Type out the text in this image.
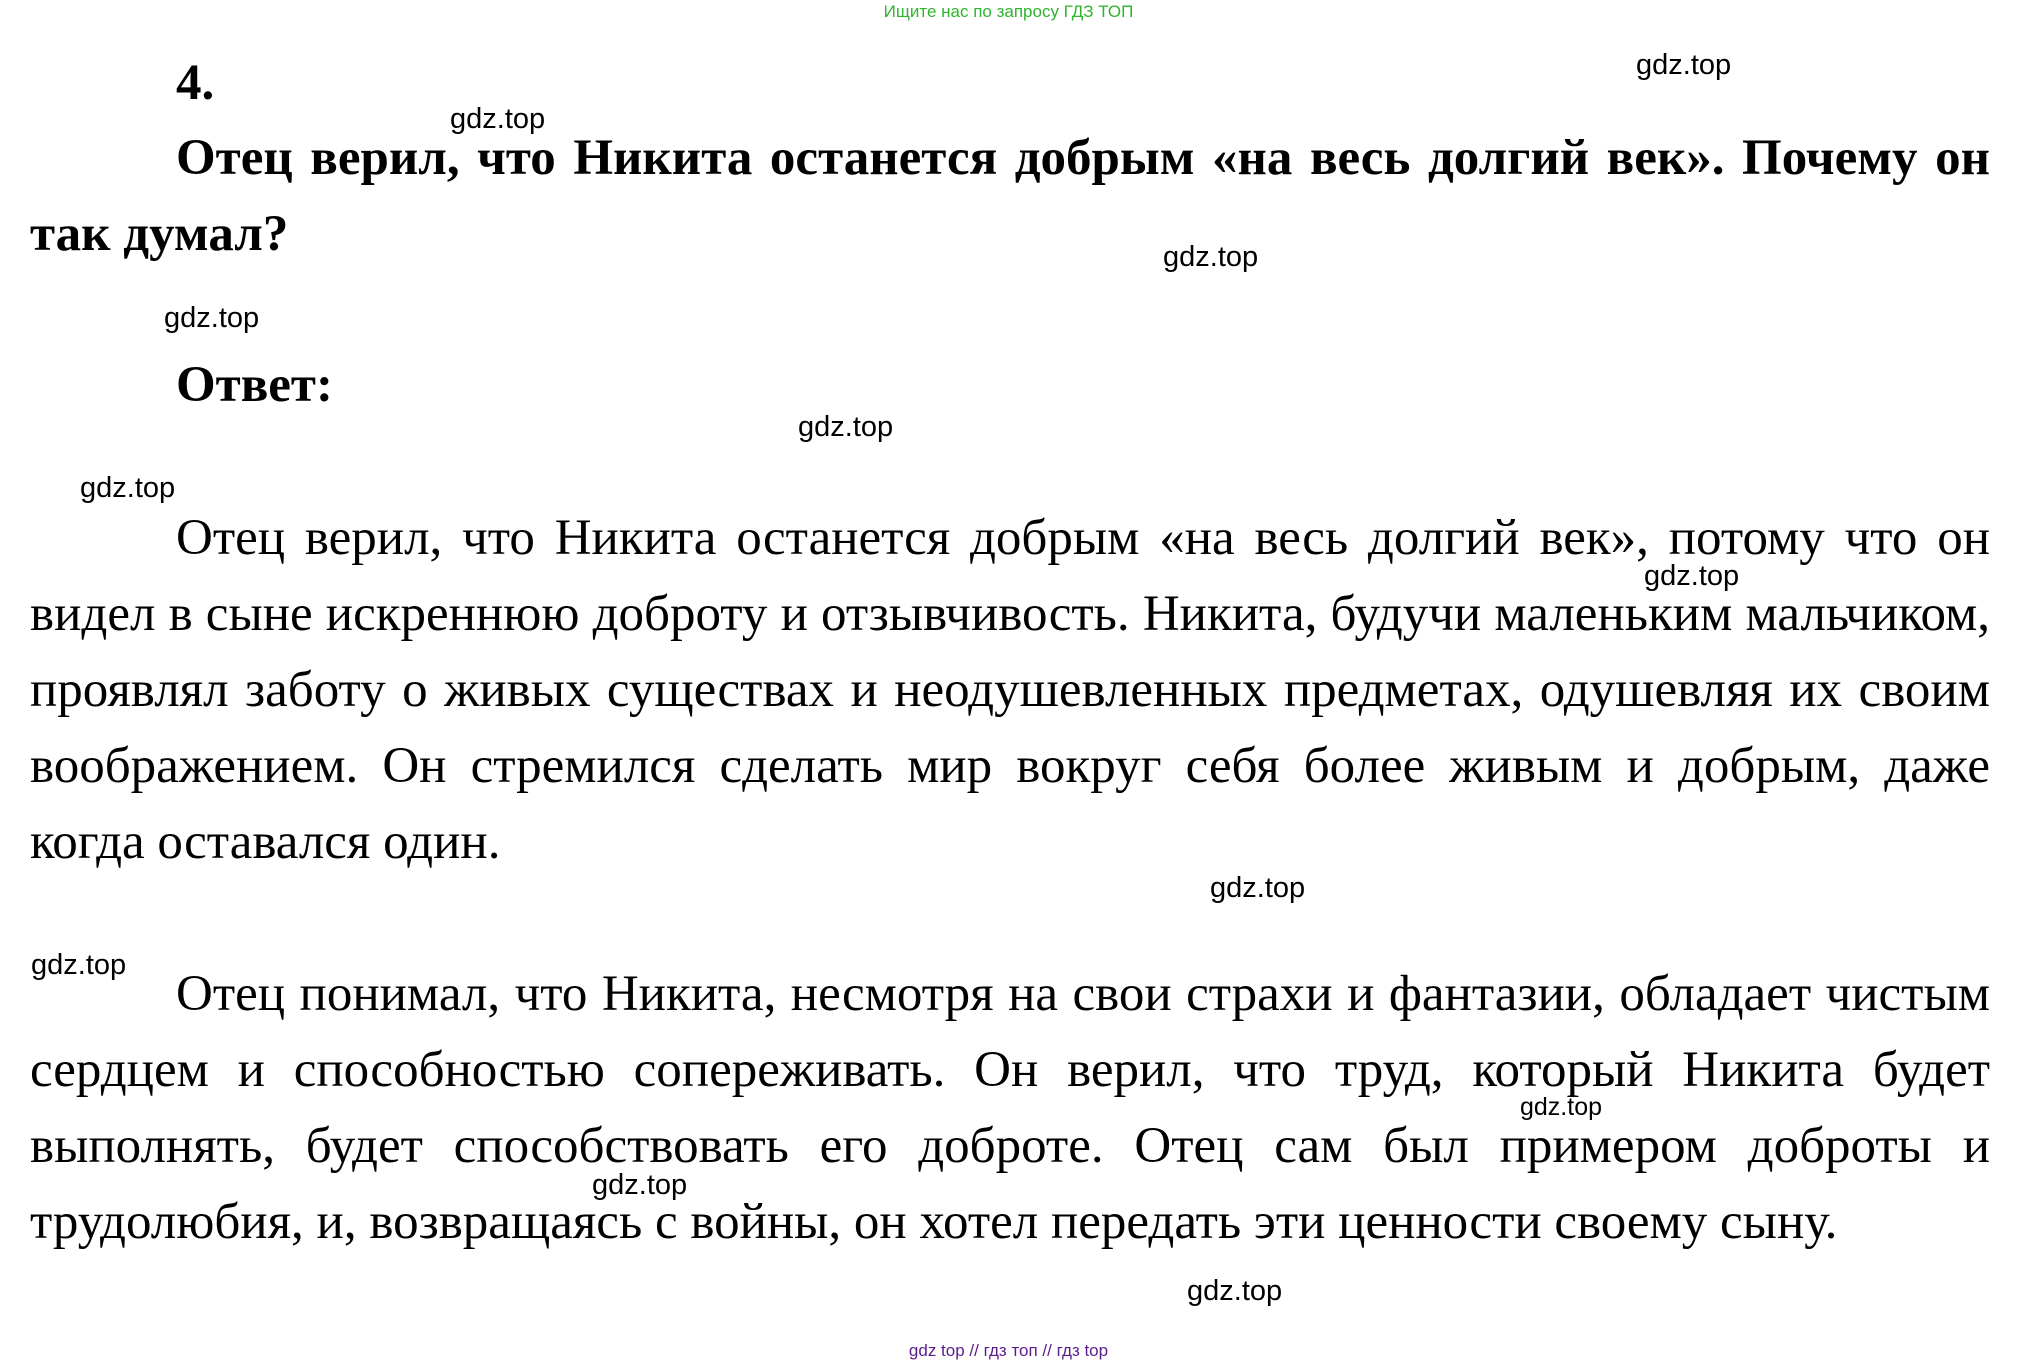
Ищите нас по запросу ГДЗ ТОП

4.

Отец верил, что Никита останется добрым «на весь долгий век». Почему он так думал?

Ответ:

Отец верил, что Никита останется добрым «на весь долгий век», потому что он видел в сыне искреннюю доброту и отзывчивость. Никита, будучи маленьким мальчиком, проявлял заботу о живых существах и неодушевленных предметах, одушевляя их своим воображением. Он стремился сделать мир вокруг себя более живым и добрым, даже когда оставался один.

Отец понимал, что Никита, несмотря на свои страхи и фантазии, обладает чистым сердцем и способностью сопереживать. Он верил, что труд, который Никита будет выполнять, будет способствовать его доброте. Отец сам был примером доброты и трудолюбия, и, возвращаясь с войны, он хотел передать эти ценности своему сыну.

gdz.top
gdz.top
gdz.top
gdz.top
gdz.top
gdz.top
gdz.top
gdz.top
gdz.top
gdz.top
gdz.top
gdz.top
gdz top // гдз топ // гдз top
